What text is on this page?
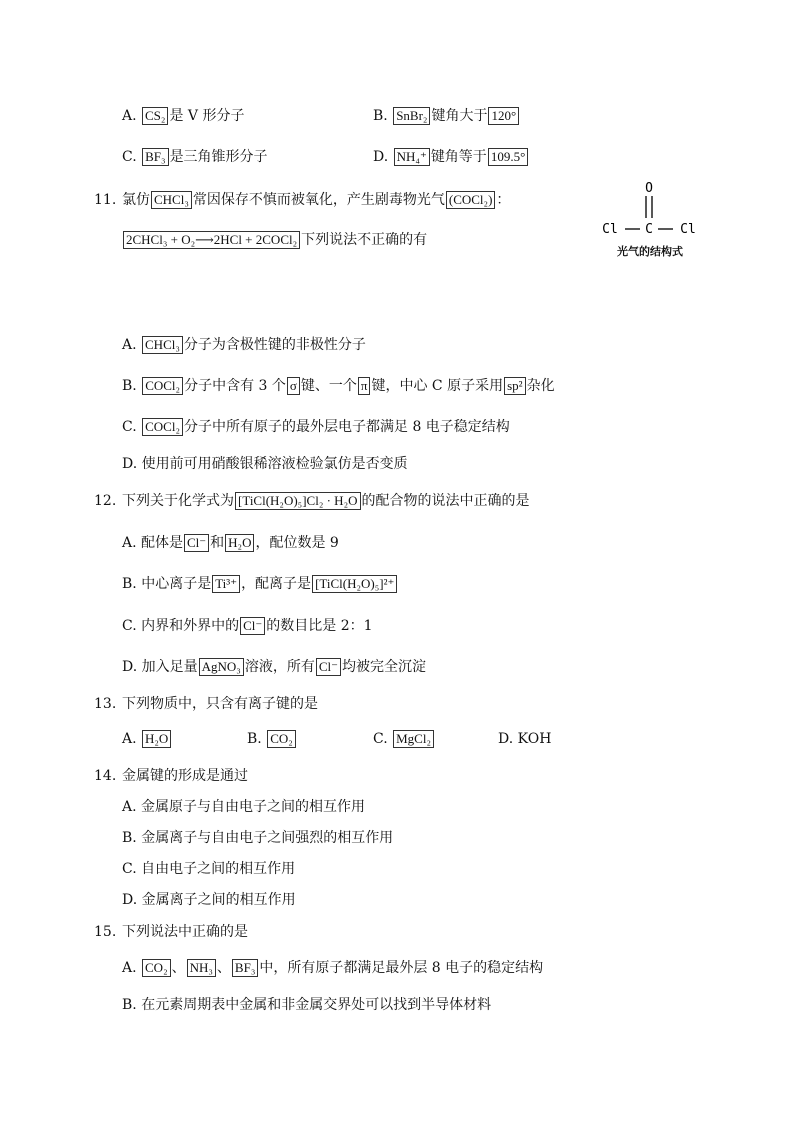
A. CS₂ 是 V 形分子	B. SnBr₂ 键角大于 120°
C. BF₃ 是三角锥形分子	D. NH₄⁺ 键角等于 109.5°
11. 氯仿 CHCl₃ 常因保存不慎而被氧化，产生剧毒物光气 (COCl₂) ：
2CHCl₃ + O₂⟶2HCl + 2COCl₂ 下列说法不正确的有
O
C
Cl	Cl
光气的结构式
A. CHCl₃ 分子为含极性键的非极性分子
B. COCl₂ 分子中含有 3 个 σ 键、一个 π 键，中心 C 原子采用 sp² 杂化
C. COCl₂ 分子中所有原子的最外层电子都满足 8 电子稳定结构
D. 使用前可用硝酸银稀溶液检验氯仿是否变质
12. 下列关于化学式为 [TiCl(H₂O)₅]Cl₂ · H₂O 的配合物的说法中正确的是
A. 配体是 Cl⁻ 和 H₂O ，配位数是 9
B. 中心离子是 Ti³⁺ ，配离子是 [TiCl(H₂O)₅]²⁺
C. 内界和外界中的 Cl⁻ 的数目比是 2：1
D. 加入足量 AgNO₃ 溶液，所有 Cl⁻ 均被完全沉淀
13. 下列物质中，只含有离子键的是
A. H₂O	B. CO₂	C. MgCl₂	D. KOH
14. 金属键的形成是通过
A. 金属原子与自由电子之间的相互作用
B. 金属离子与自由电子之间强烈的相互作用
C. 自由电子之间的相互作用
D. 金属离子之间的相互作用
15. 下列说法中正确的是
A. CO₂ 、 NH₃ 、 BF₃ 中，所有原子都满足最外层 8 电子的稳定结构
B. 在元素周期表中金属和非金属交界处可以找到半导体材料
